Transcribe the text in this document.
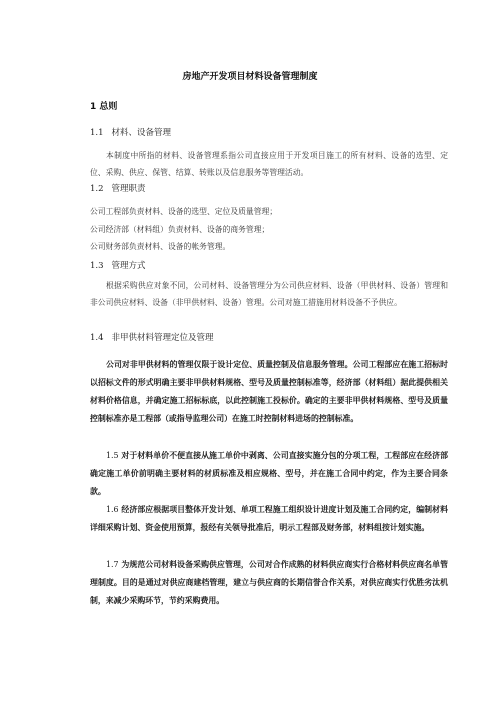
房地产开发项目材料设备管理制度
1 总则
1.1 材料、设备管理
本制度中所指的材料、设备管理系指公司直接应用于开发项目施工的所有材料、设备的选型、定位、采购、供应、保管、结算、转账以及信息服务等管理活动。
1.2 管理职责
公司工程部负责材料、设备的选型、定位及质量管理；
公司经济部（材料组）负责材料、设备的商务管理；
公司财务部负责材料、设备的帐务管理。
1.3 管理方式
根据采购供应对象不同，公司材料、设备管理分为公司供应材料、设备（甲供材料、设备）管理和非公司供应材料、设备（非甲供材料、设备）管理。公司对施工措施用材料设备不予供应。
1.4 非甲供材料管理定位及管理
公司对非甲供材料的管理仅限于设计定位、质量控制及信息服务管理。公司工程部应在施工招标时以招标文件的形式明确主要非甲供材料规格、型号及质量控制标准等，经济部（材料组）据此提供相关材料价格信息，并确定施工招标标底，以此控制施工投标价。确定的主要非甲供材料规格、型号及质量控制标准亦是工程部（或指导监理公司）在施工时控制材料进场的控制标准。
1.5 对于材料单价不便直接从施工单价中剥离、公司直接实施分包的分项工程，工程部应在经济部确定施工单价前明确主要材料的材质标准及相应规格、型号，并在施工合同中约定，作为主要合同条款。
1.6 经济部应根据项目整体开发计划、单项工程施工组织设计进度计划及施工合同约定，编制材料详细采购计划、资金使用预算，报经有关领导批准后，明示工程部及财务部，材料组按计划实施。
1.7 为规范公司材料设备采购供应管理，公司对合作成熟的材料供应商实行合格材料供应商名单管理制度。目的是通过对供应商建档管理，建立与供应商的长期信誉合作关系，对供应商实行优胜劣汰机制，来减少采购环节，节约采购费用。
